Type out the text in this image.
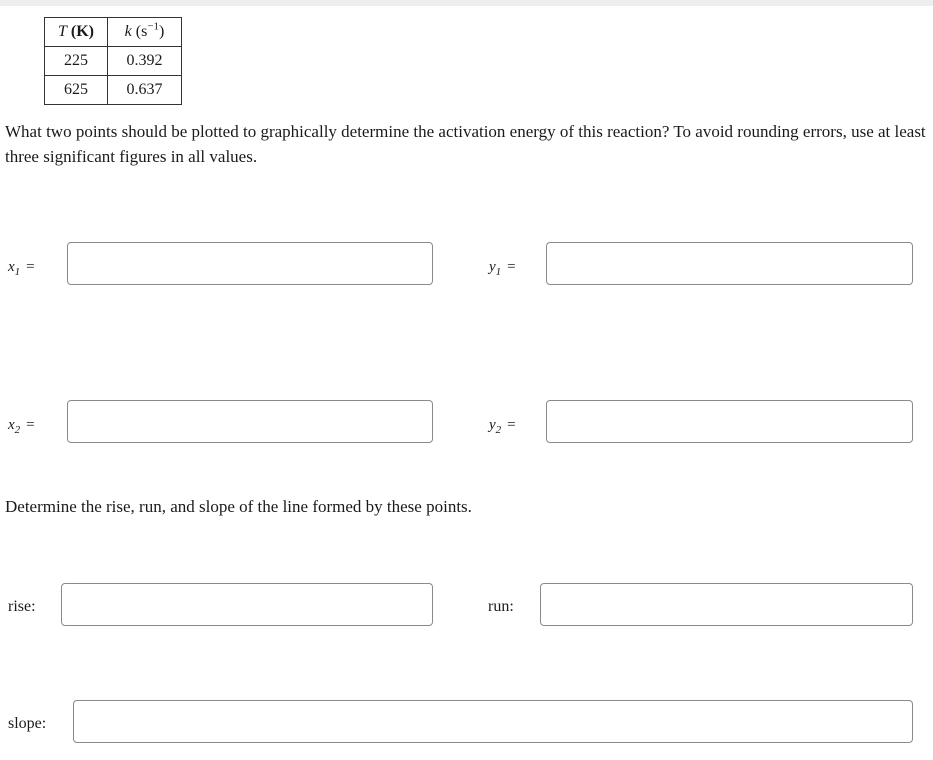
T (K)	k $(s^{-1})$
225	0.392
625	0.637

What two points should be plotted to graphically determine the activation energy of this reaction? To avoid rounding errors, use at least three significant figures in all values.

$x_1$ =	$y_1$ =
$x_2$ =	$y_2$ =

Determine the rise, run, and slope of the line formed by these points.

rise:	run:
slope:
